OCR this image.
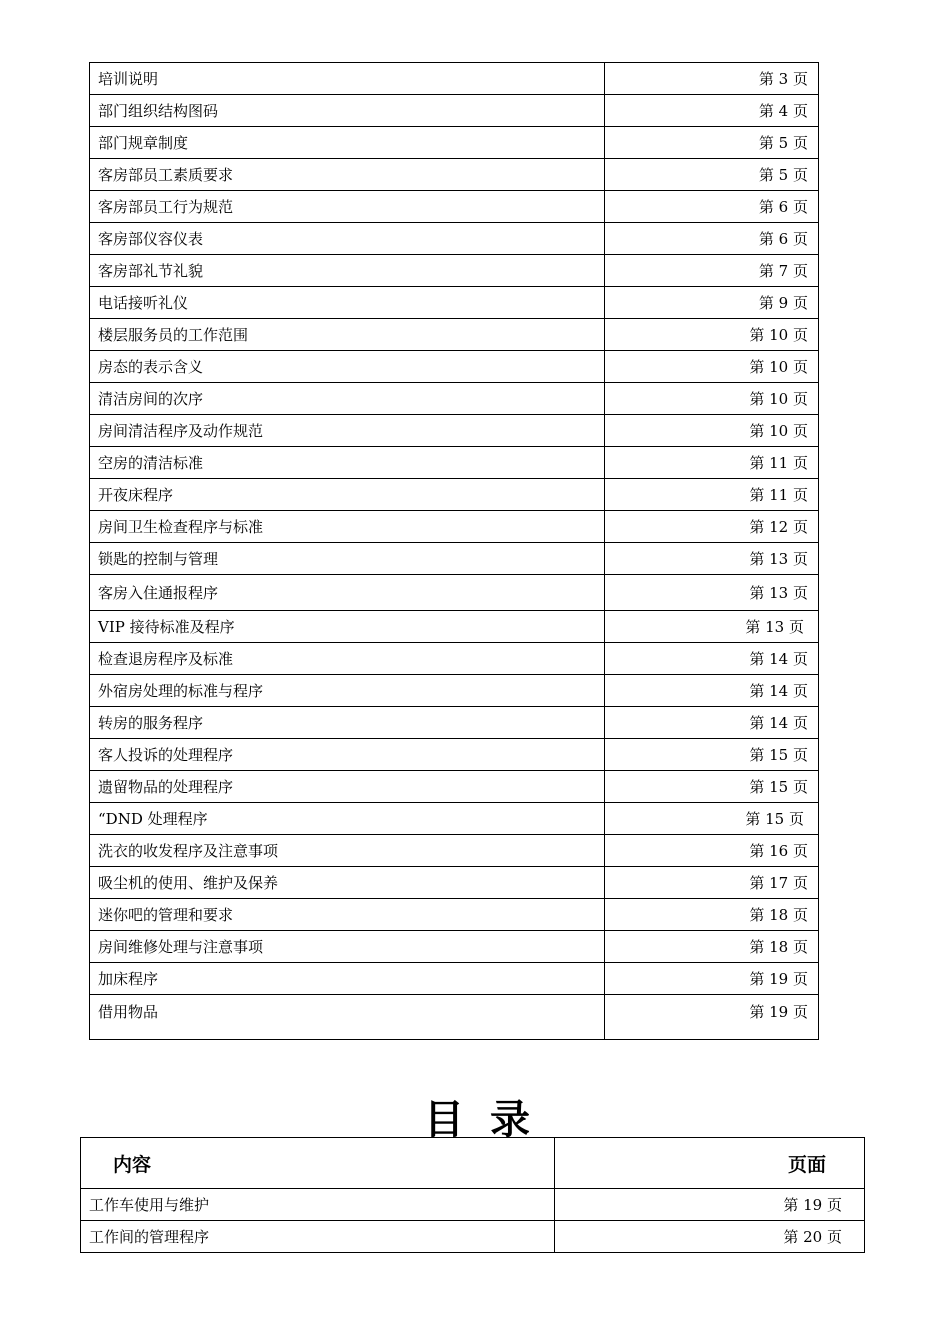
培训说明	第 3 页
部门组织结构图码	第 4 页
部门规章制度	第 5 页
客房部员工素质要求	第 5 页
客房部员工行为规范	第 6 页
客房部仪容仪表	第 6 页
客房部礼节礼貌	第 7 页
电话接听礼仪	第 9 页
楼层服务员的工作范围	第 10 页
房态的表示含义	第 10 页
清洁房间的次序	第 10 页
房间清洁程序及动作规范	第 10 页
空房的清洁标准	第 11 页
开夜床程序	第 11 页
房间卫生检查程序与标准	第 12 页
锁匙的控制与管理	第 13 页
客房入住通报程序	第 13 页
VIP 接待标准及程序	第 13 页
检查退房程序及标准	第 14 页
外宿房处理的标准与程序	第 14 页
转房的服务程序	第 14 页
客人投诉的处理程序	第 15 页
遗留物品的处理程序	第 15 页
“DND 处理程序	第 15 页
洗衣的收发程序及注意事项	第 16 页
吸尘机的使用、维护及保养	第 17 页
迷你吧的管理和要求	第 18 页
房间维修处理与注意事项	第 18 页
加床程序	第 19 页
借用物品	第 19 页
目录
内容	页面
工作车使用与维护	第 19 页
工作间的管理程序	第 20 页
